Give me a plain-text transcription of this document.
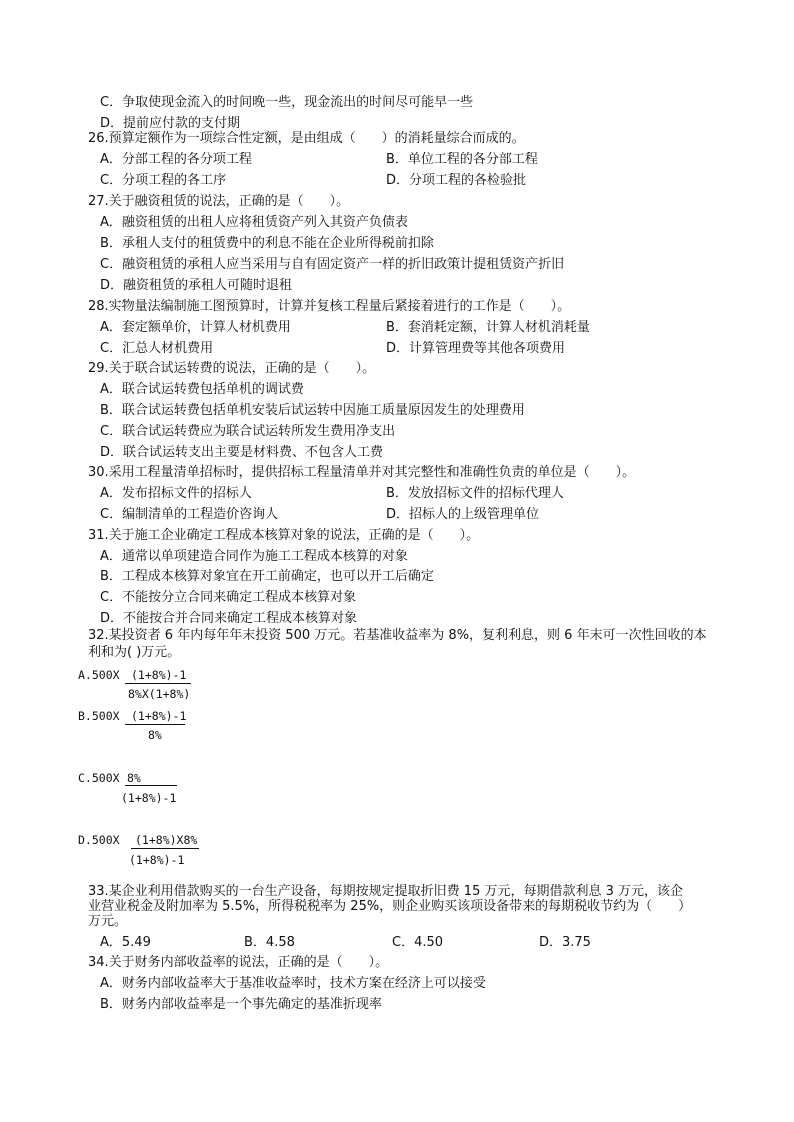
C．争取使现金流入的时间晚一些，现金流出的时间尽可能早一些
D．提前应付款的支付期
26.预算定额作为一项综合性定额，是由组成（　　）的消耗量综合而成的。
A．分部工程的各分项工程	B．单位工程的各分部工程
C．分项工程的各工序	D．分项工程的各检验批
27.关于融资租赁的说法，正确的是（　　）。
A．融资租赁的出租人应将租赁资产列入其资产负债表
B．承租人支付的租赁费中的利息不能在企业所得税前扣除
C．融资租赁的承租人应当采用与自有固定资产一样的折旧政策计提租赁资产折旧
D．融资租赁的承租人可随时退租
28.实物量法编制施工图预算时，计算并复核工程量后紧接着进行的工作是（　　）。
A．套定额单价，计算人材机费用	B．套消耗定额，计算人材机消耗量
C．汇总人材机费用	D．计算管理费等其他各项费用
29.关于联合试运转费的说法，正确的是（　　）。
A．联合试运转费包括单机的调试费
B．联合试运转费包括单机安装后试运转中因施工质量原因发生的处理费用
C．联合试运转费应为联合试运转所发生费用净支出
D．联合试运转支出主要是材料费、不包含人工费
30.采用工程量清单招标时，提供招标工程量清单并对其完整性和准确性负责的单位是（　　）。
A．发布招标文件的招标人	B．发放招标文件的招标代理人
C．编制清单的工程造价咨询人	D．招标人的上级管理单位
31.关于施工企业确定工程成本核算对象的说法，正确的是（　　）。
A．通常以单项建造合同作为施工工程成本核算的对象
B．工程成本核算对象宜在开工前确定，也可以开工后确定
C．不能按分立合同来确定工程成本核算对象
D．不能按合并合同来确定工程成本核算对象
32.某投资者 6 年内每年年末投资 500 万元。若基准收益率为 8%，复利利息，则 6 年末可一次性回收的本
利和为( )万元。
A.500X (1+8%)-1
8%X(1+8%)
B.500X (1+8%)-1
8%
C.500X 8%
(1+8%)-1
D.500X (1+8%)X8%
(1+8%)-1
33.某企业利用借款购买的一台生产设备，每期按规定提取折旧费 15 万元，每期借款利息 3 万元，该企
业营业税金及附加率为 5.5%，所得税税率为 25%，则企业购买该项设备带来的每期税收节约为（　　）
万元。
A．5.49	B．4.58	C．4.50	D．3.75
34.关于财务内部收益率的说法，正确的是（　　）。
A．财务内部收益率大于基准收益率时，技术方案在经济上可以接受
B．财务内部收益率是一个事先确定的基准折现率
